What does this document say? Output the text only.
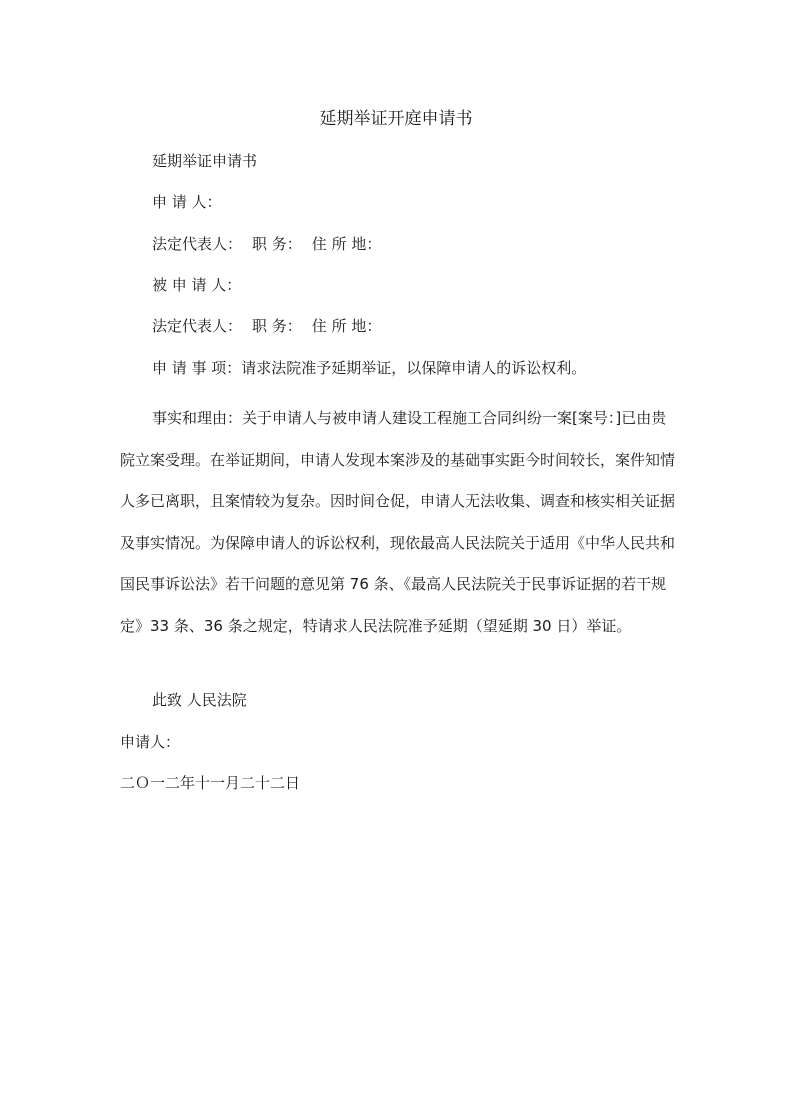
延期举证开庭申请书

延期举证申请书

申 请 人：

法定代表人： 职 务： 住 所 地：

被 申 请 人：

法定代表人： 职 务： 住 所 地：

申 请 事 项：请求法院准予延期举证，以保障申请人的诉讼权利。

事实和理由：关于申请人与被申请人建设工程施工合同纠纷一案[案号：]已由贵院立案受理。在举证期间，申请人发现本案涉及的基础事实距今时间较长，案件知情人多已离职，且案情较为复杂。因时间仓促，申请人无法收集、调查和核实相关证据及事实情况。为保障申请人的诉讼权利，现依最高人民法院关于适用《中华人民共和国民事诉讼法》若干问题的意见第 76 条、《最高人民法院关于民事诉证据的若干规定》33 条、36 条之规定，特请求人民法院准予延期（望延期 30 日）举证。

此致 人民法院

申请人：

二Ｏ一二年十一月二十二日
